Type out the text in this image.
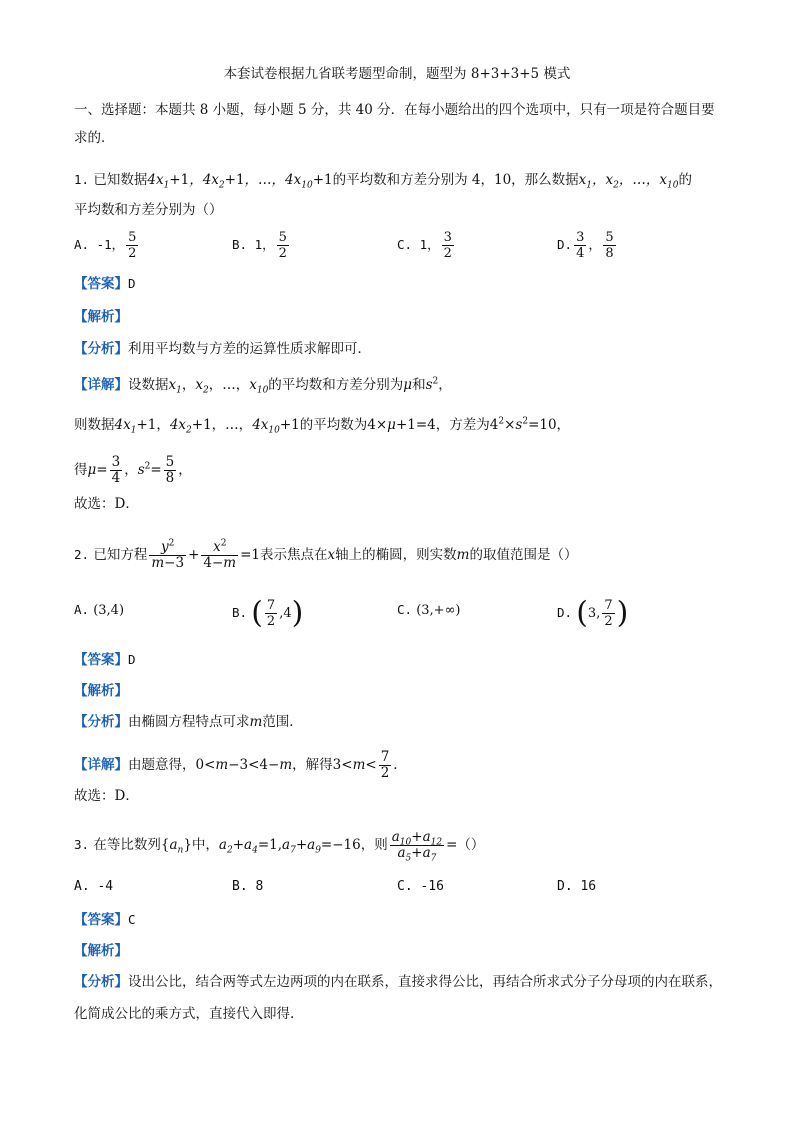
本套试卷根据九省联考题型命制，题型为 8+3+3+5 模式
一、选择题：本题共 8 小题，每小题 5 分，共 40 分．在每小题给出的四个选项中，只有一项是符合题目要
求的．
1. 已知数据$4x_1+1$，$4x_2+1$，…，$4x_{10}+1$的平均数和方差分别为 4，10，那么数据$x_1$，$x_2$，…，$x_{10}$的
平均数和方差分别为（）
A. -1， $\frac{5}{2}$	B. 1， $\frac{5}{2}$	C. 1， $\frac{3}{2}$	D. $\frac{3}{4}$ ， $\frac{5}{8}$
【答案】D
【解析】
【分析】利用平均数与方差的运算性质求解即可．
【详解】设数据$x_1$，$x_2$，…，$x_{10}$的平均数和方差分别为μ和$s^2$，
则数据$4x_1+1$，$4x_2+1$，…，$4x_{10}+1$的平均数为4×μ+1=4，方差为$4^2\times s^2=10$，
得$\mu= \frac{3}{4}$ ，$s^2= \frac{5}{8}$ ，
故选：D．
2. 已知方程 $\frac{y^2}{m-3} + \frac{x^2}{4-m} =1$表示焦点在x轴上的椭圆，则实数m的取值范围是（）
A. (3,4)	B. ( $\frac{7}{2} ,4$)	C. (3,+∞)	D. (3, $\frac{7}{2}$ )
【答案】D
【解析】
【分析】由椭圆方程特点可求m范围．
【详解】由题意得，0<m−3<4−m，解得$3<m< \frac{7}{2}$ .
故选：D．
3. 在等比数列$\{a_n\}$中，$a_2+a_4=1,a_7+a_9=-16$，则 $\frac{a_{10}+a_{12}}{a_5+a_7}$ =（）
A. -4	B. 8	C. -16	D. 16
【答案】C
【解析】
【分析】设出公比，结合两等式左边两项的内在联系，直接求得公比，再结合所求式分子分母项的内在联系，
化简成公比的乘方式，直接代入即得.
